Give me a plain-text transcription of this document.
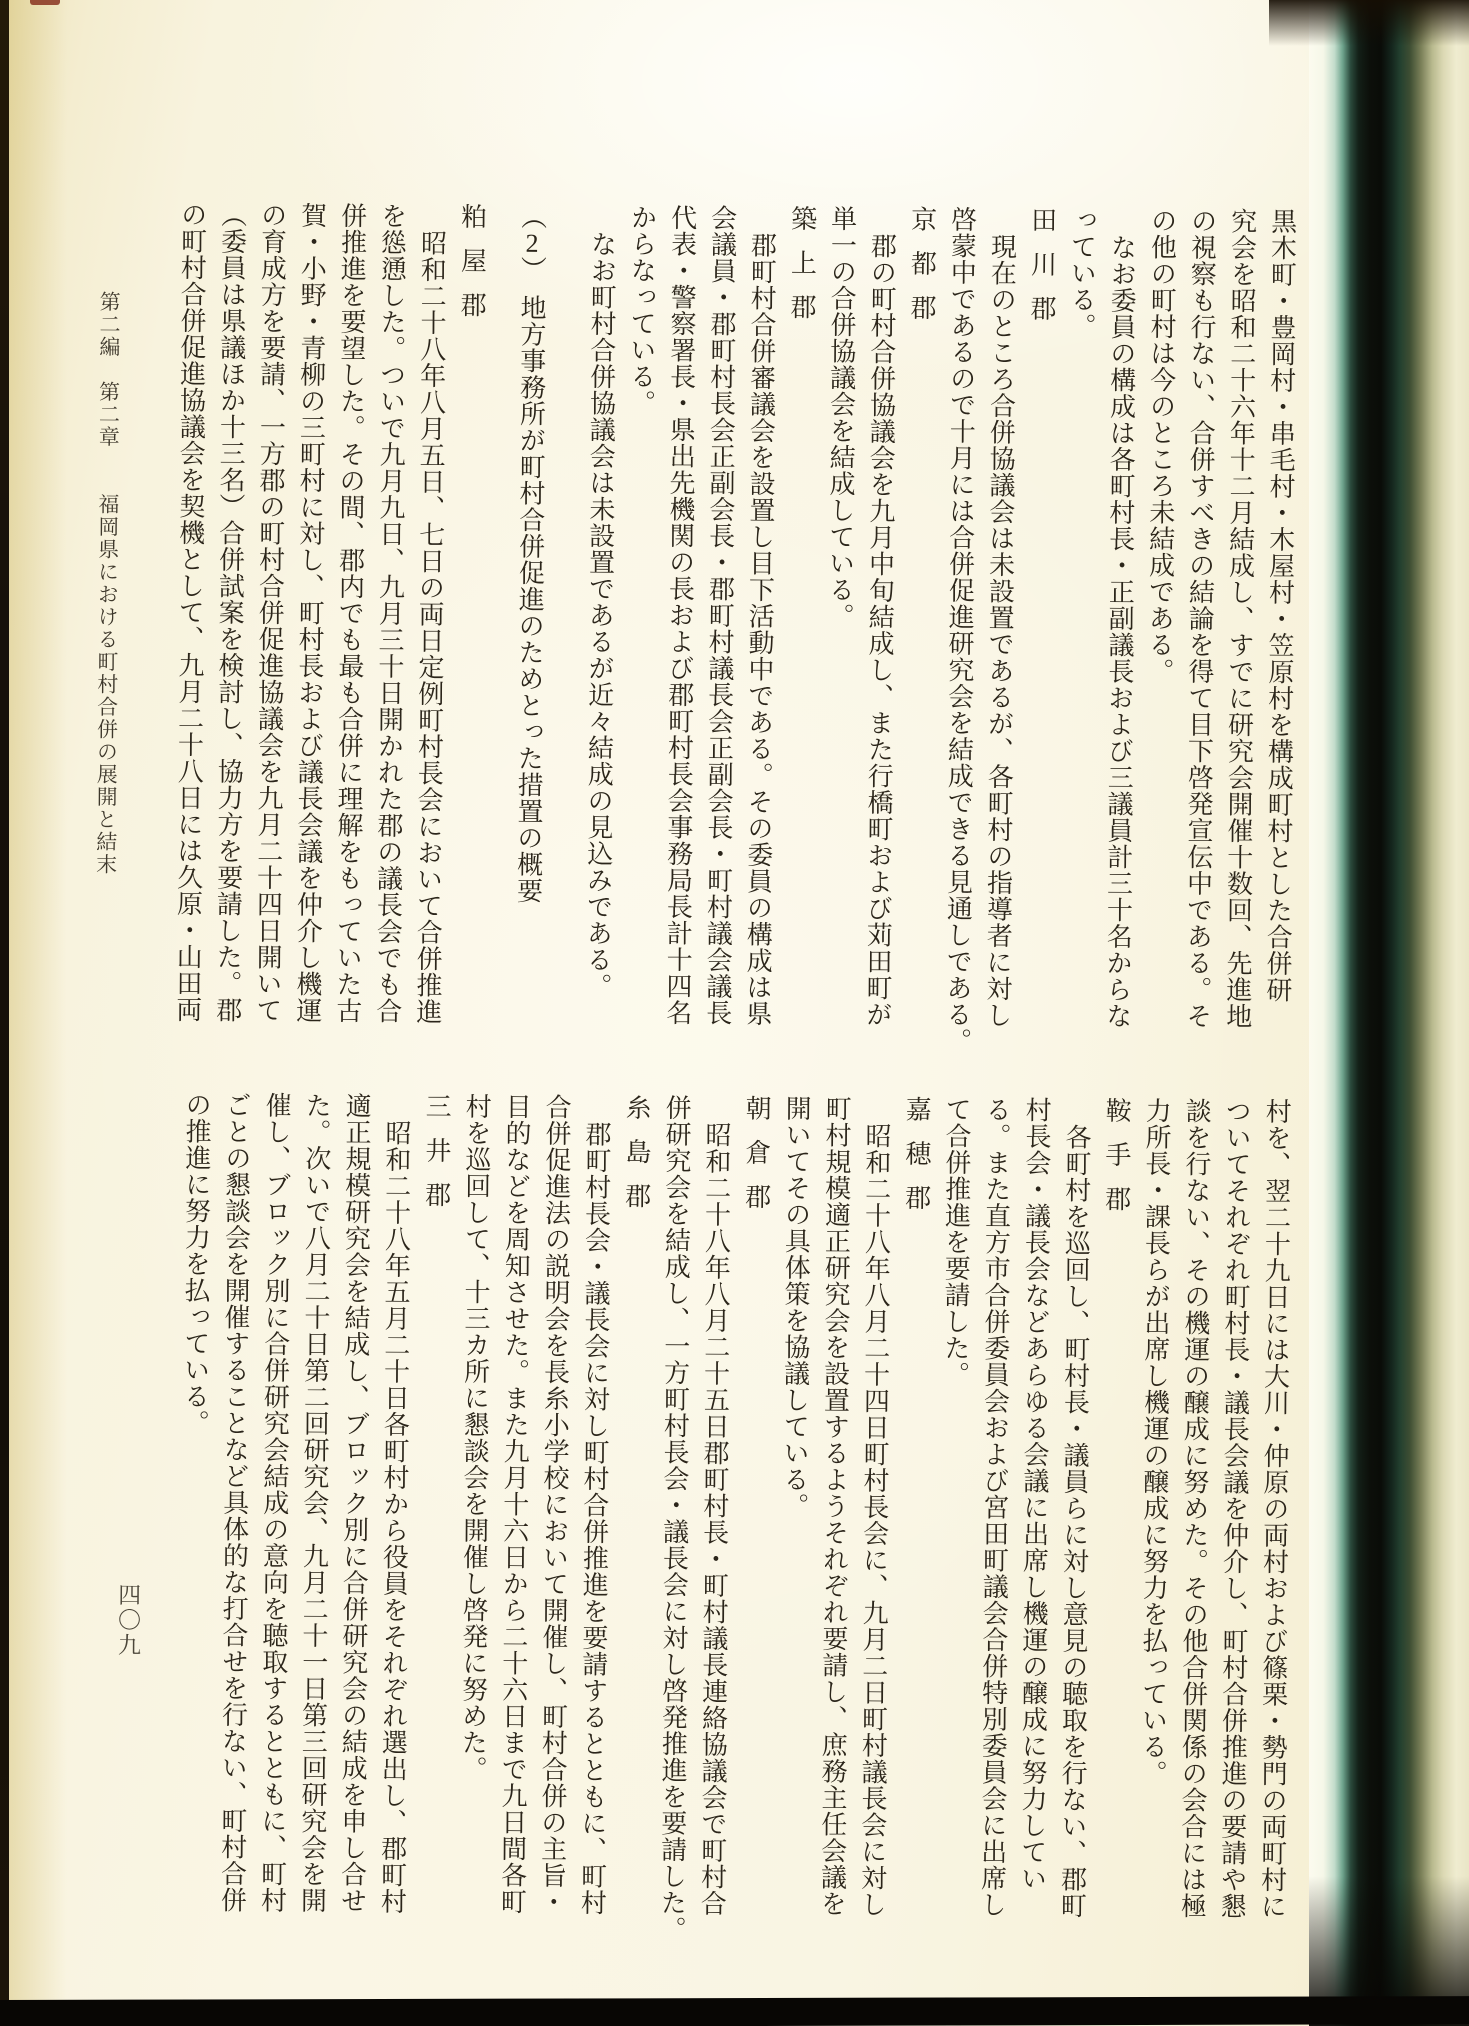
黒木町・豊岡村・串毛村・木屋村・笠原村を構成町村とした合併研
究会を昭和二十六年十二月結成し、すでに研究会開催十数回、先進地
の視察も行ない、合併すべきの結論を得て目下啓発宣伝中である。そ
の他の町村は今のところ未結成である。
なお委員の構成は各町村長・正副議長および三議員計三十名からな
っている。
田川郡
現在のところ合併協議会は未設置であるが、各町村の指導者に対し
啓蒙中であるので十月には合併促進研究会を結成できる見通しである。
京都郡
郡の町村合併協議会を九月中旬結成し、また行橋町および苅田町が
単一の合併協議会を結成している。
築上郡
郡町村合併審議会を設置し目下活動中である。その委員の構成は県
会議員・郡町村長会正副会長・郡町村議長会正副会長・町村議会議長
代表・警察署長・県出先機関の長および郡町村長会事務局長計十四名
からなっている。
なお町村合併協議会は未設置であるが近々結成の見込みである。
（2）地方事務所が町村合併促進のためとった措置の概要
粕屋郡
昭和二十八年八月五日、七日の両日定例町村長会において合併推進
を慫慂した。ついで九月九日、九月三十日開かれた郡の議長会でも合
併推進を要望した。その間、郡内でも最も合併に理解をもっていた古
賀・小野・青柳の三町村に対し、町村長および議長会議を仲介し機運
の育成方を要請、一方郡の町村合併促進協議会を九月二十四日開いて
（委員は県議ほか十三名）合併試案を検討し、協力方を要請した。郡
の町村合併促進協議会を契機として、九月二十八日には久原・山田両
村を、翌二十九日には大川・仲原の両村および篠栗・勢門の両町村に
ついてそれぞれ町村長・議長会議を仲介し、町村合併推進の要請や懇
談を行ない、その機運の醸成に努めた。その他合併関係の会合には極
力所長・課長らが出席し機運の醸成に努力を払っている。
鞍手郡
各町村を巡回し、町村長・議員らに対し意見の聴取を行ない、郡町
村長会・議長会などあらゆる会議に出席し機運の醸成に努力してい
る。また直方市合併委員会および宮田町議会合併特別委員会に出席し
て合併推進を要請した。
嘉穂郡
昭和二十八年八月二十四日町村長会に、九月二日町村議長会に対し
町村規模適正研究会を設置するようそれぞれ要請し、庶務主任会議を
開いてその具体策を協議している。
朝倉郡
昭和二十八年八月二十五日郡町村長・町村議長連絡協議会で町村合
併研究会を結成し、一方町村長会・議長会に対し啓発推進を要請した。
糸島郡
郡町村長会・議長会に対し町村合併推進を要請するとともに、町村
合併促進法の説明会を長糸小学校において開催し、町村合併の主旨・
目的などを周知させた。また九月十六日から二十六日まで九日間各町
村を巡回して、十三カ所に懇談会を開催し啓発に努めた。
三井郡
昭和二十八年五月二十日各町村から役員をそれぞれ選出し、郡町村
適正規模研究会を結成し、ブロック別に合併研究会の結成を申し合せ
た。次いで八月二十日第二回研究会、九月二十一日第三回研究会を開
催し、ブロック別に合併研究会結成の意向を聴取するとともに、町村
ごとの懇談会を開催することなど具体的な打合せを行ない、町村合併
の推進に努力を払っている。
第二編　第二章　　福岡県における町村合併の展開と結末
四〇九
